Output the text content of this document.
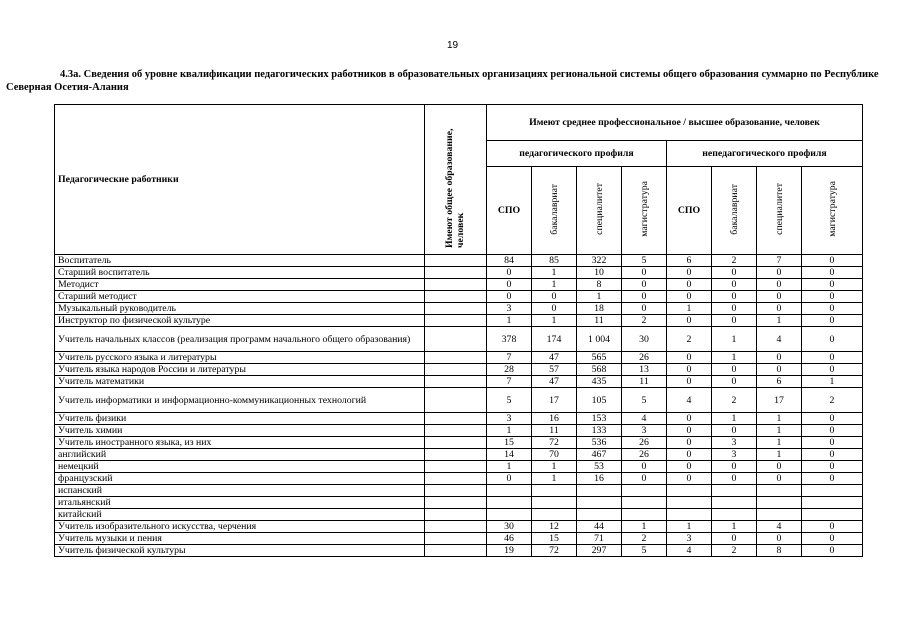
19
4.3а. Сведения об уровне квалификации педагогических работников в образовательных организациях региональной системы общего образования суммарно по Республике Северная Осетия-Алания
Педагогические работники	Имеют общее образование, человек	Имеют среднее профессиональное / высшее образование, человек							
		педагогического профиля				непедагогического профиля			
		СПО	бакалавриат	специалитет	магистратура	СПО	бакалавриат	специалитет	магистратура
Воспитатель		84	85	322	5	6	2	7	0
Старший воспитатель		0	1	10	0	0	0	0	0
Методист		0	1	8	0	0	0	0	0
Старший методист		0	0	1	0	0	0	0	0
Музыкальный руководитель		3	0	18	0	1	0	0	0
Инструктор по физической культуре		1	1	11	2	0	0	1	0
Учитель начальных классов (реализация программ начального общего образования)		378	174	1 004	30	2	1	4	0
Учитель русского языка и литературы		7	47	565	26	0	1	0	0
Учитель языка народов России и литературы		28	57	568	13	0	0	0	0
Учитель математики		7	47	435	11	0	0	6	1
Учитель информатики и информационно-коммуникационных технологий		5	17	105	5	4	2	17	2
Учитель физики		3	16	153	4	0	1	1	0
Учитель химии		1	11	133	3	0	0	1	0
Учитель иностранного языка, из них		15	72	536	26	0	3	1	0
английский		14	70	467	26	0	3	1	0
немецкий		1	1	53	0	0	0	0	0
французский		0	1	16	0	0	0	0	0
испанский									
итальянский									
китайский									
Учитель изобразительного искусства, черчения		30	12	44	1	1	1	4	0
Учитель музыки и пения		46	15	71	2	3	0	0	0
Учитель физической культуры		19	72	297	5	4	2	8	0
